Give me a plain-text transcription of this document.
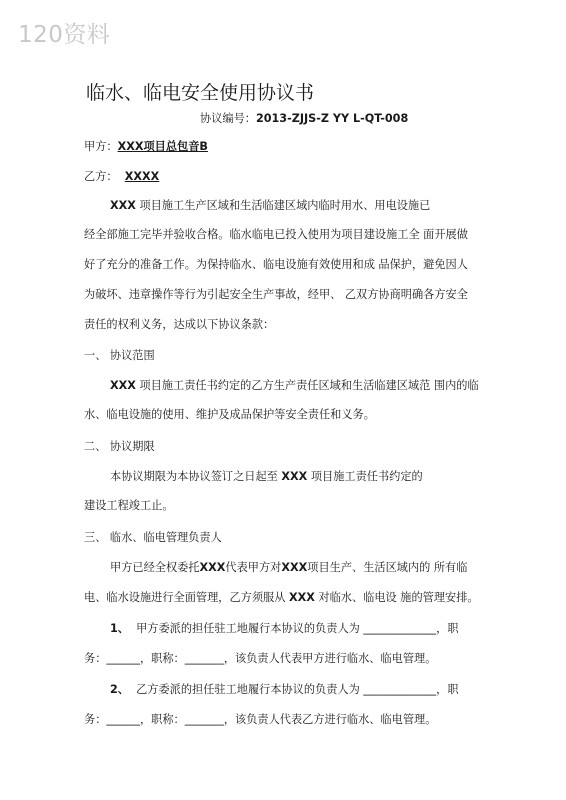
120资料
临水、临电安全使用协议书
协议编号：2013-ZJJS-Z YY L-QT-008
甲方：XXX项目总包音B
乙方： XXXX
XXX 项目施工生产区域和生活临建区域内临时用水、用电设施已
经全部施工完毕并验收合格。临水临电已投入使用为项目建设施工全 面开展做
好了充分的准备工作。为保持临水、临电设施有效使用和成 品保护，避免因人
为破坏、违章操作等行为引起安全生产事故，经甲、 乙双方协商明确各方安全
责任的权利义务，达成以下协议条款：
一、 协议范围
XXX 项目施工责任书约定的乙方生产责任区域和生活临建区域范 围内的临
水、临电设施的使用、维护及成品保护等安全责任和义务。
二、 协议期限
本协议期限为本协议签订之日起至 XXX 项目施工责任书约定的
建设工程竣工止。
三、 临水、临电管理负责人
甲方已经全权委托XXX代表甲方对XXX项目生产、生活区域内的 所有临
电、临水设施进行全面管理，乙方须服从 XXX 对临水、临电设 施的管理安排。
1、 甲方委派的担任驻工地履行本协议的负责人为 _____________，职
务：______，职称：_______，该负责人代表甲方进行临水、临电管理。
2、 乙方委派的担任驻工地履行本协议的负责人为 _____________，职
务：______，职称：_______，该负责人代表乙方进行临水、临电管理。
